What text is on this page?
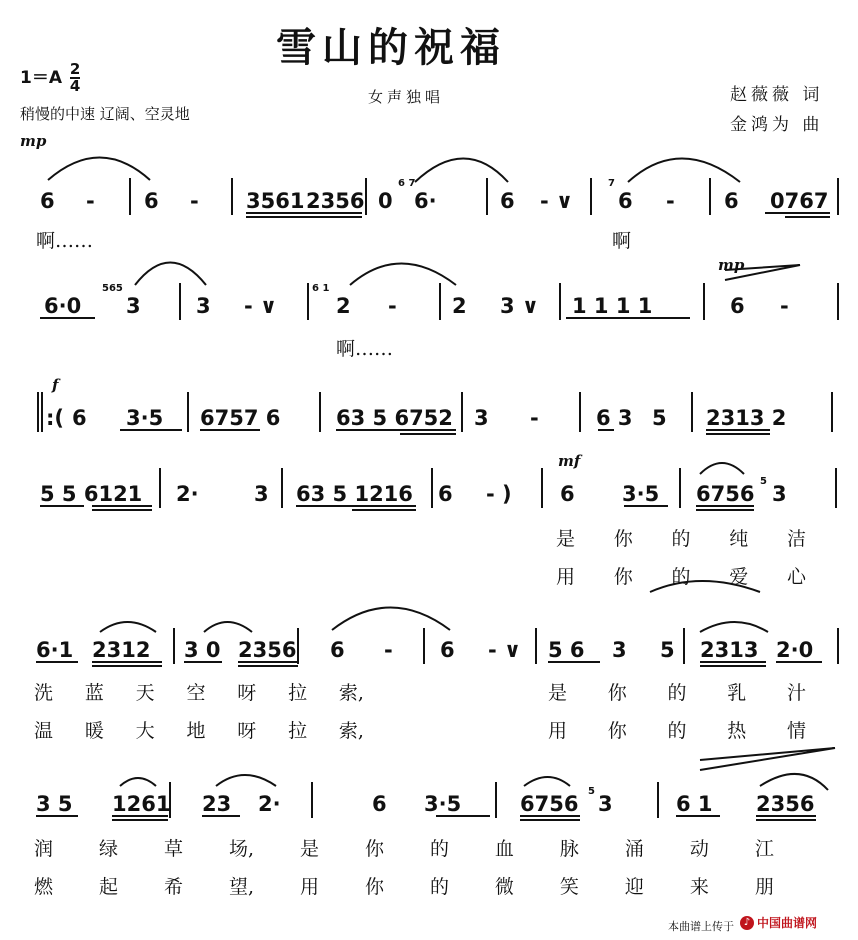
雪山的祝福
$1=A \frac{2}{4}$
稍慢的中速 辽阔、空灵地
女声独唱	赵薇薇 词
金鸿为 曲
mp
mp
f
mf
6 - 6 - 3561 2356
6 7
0 6·	6 - ∨
7
6 - 6 0767
6·0
565
3	3 - ∨
6 1
2 -	2 3 ∨ 1 1 1 1	6 -
:( 6 3·5 6757 6	63 5 6752 3 -	6 3 5 2313 2
5 5 6121 2·	3 63 5 1216 6 - ) 6 3·5 6756
5
3
6·1 2312 3 0 2356 6 - 6 - ∨ 5 6 3 5 2313 2·0
3 5 1261 23 2·	6 3·5	6756
5
3	6 1 2356
啊……	啊
啊……
是 你 的 纯 洁
用 你 的 爱 心
洗 蓝 天 空 呀 拉 索,	是 你 的 乳 汁
温 暖 大 地 呀 拉 索,	用 你 的 热 情
润 绿 草 场, 是 你 的 血 脉 涌 动 江
燃 起 希 望, 用 你 的 微 笑 迎 来 朋
本曲谱上传于 ♪ 中国曲谱网
